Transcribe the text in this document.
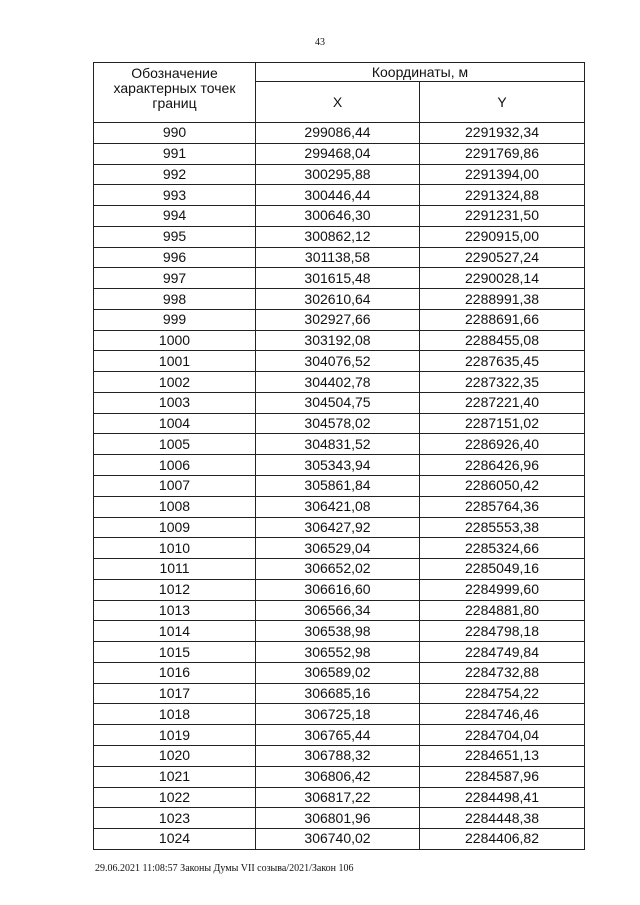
43
Обозначение характерных точек границ	Координаты, м	
	X	Y
990	299086,44	2291932,34
991	299468,04	2291769,86
992	300295,88	2291394,00
993	300446,44	2291324,88
994	300646,30	2291231,50
995	300862,12	2290915,00
996	301138,58	2290527,24
997	301615,48	2290028,14
998	302610,64	2288991,38
999	302927,66	2288691,66
1000	303192,08	2288455,08
1001	304076,52	2287635,45
1002	304402,78	2287322,35
1003	304504,75	2287221,40
1004	304578,02	2287151,02
1005	304831,52	2286926,40
1006	305343,94	2286426,96
1007	305861,84	2286050,42
1008	306421,08	2285764,36
1009	306427,92	2285553,38
1010	306529,04	2285324,66
1011	306652,02	2285049,16
1012	306616,60	2284999,60
1013	306566,34	2284881,80
1014	306538,98	2284798,18
1015	306552,98	2284749,84
1016	306589,02	2284732,88
1017	306685,16	2284754,22
1018	306725,18	2284746,46
1019	306765,44	2284704,04
1020	306788,32	2284651,13
1021	306806,42	2284587,96
1022	306817,22	2284498,41
1023	306801,96	2284448,38
1024	306740,02	2284406,82
29.06.2021 11:08:57 Законы Думы VII созыва/2021/Закон 106
